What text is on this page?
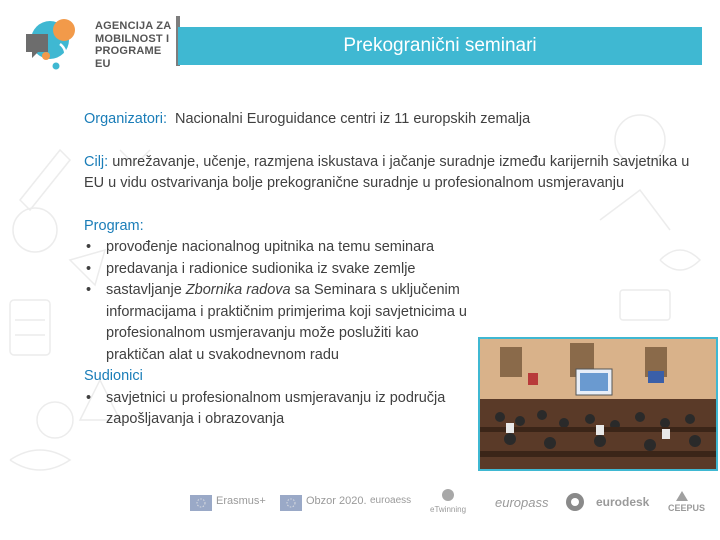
AGENCIJA ZA
MOBILNOST I
PROGRAME EU
Prekogranični seminari

Organizatori: Nacionalni Euroguidance centri iz 11 europskih zemalja

Cilj: umrežavanje, učenje, razmjena iskustava i jačanje suradnje između karijernih savjetnika u EU u vidu ostvarivanja bolje prekogranične suradnje u profesionalnom usmjeravanju

Program:
• provođenje nacionalnog upitnika na temu seminara
• predavanja i radionice sudionika iz svake zemlje
• sastavljanje Zbornika radova sa Seminara s uključenim informacijama i praktičnim primjerima koji savjetnicima u profesionalnom usmjeravanju može poslužiti kao praktičan alat u svakodnevnom radu
Sudionici
• savjetnici u profesionalnom usmjeravanju iz područja zapošljavanja i obrazovanja
Erasmus+	Obzor 2020. euroaess
eTwinning europass	eurodesk CEEPUS
